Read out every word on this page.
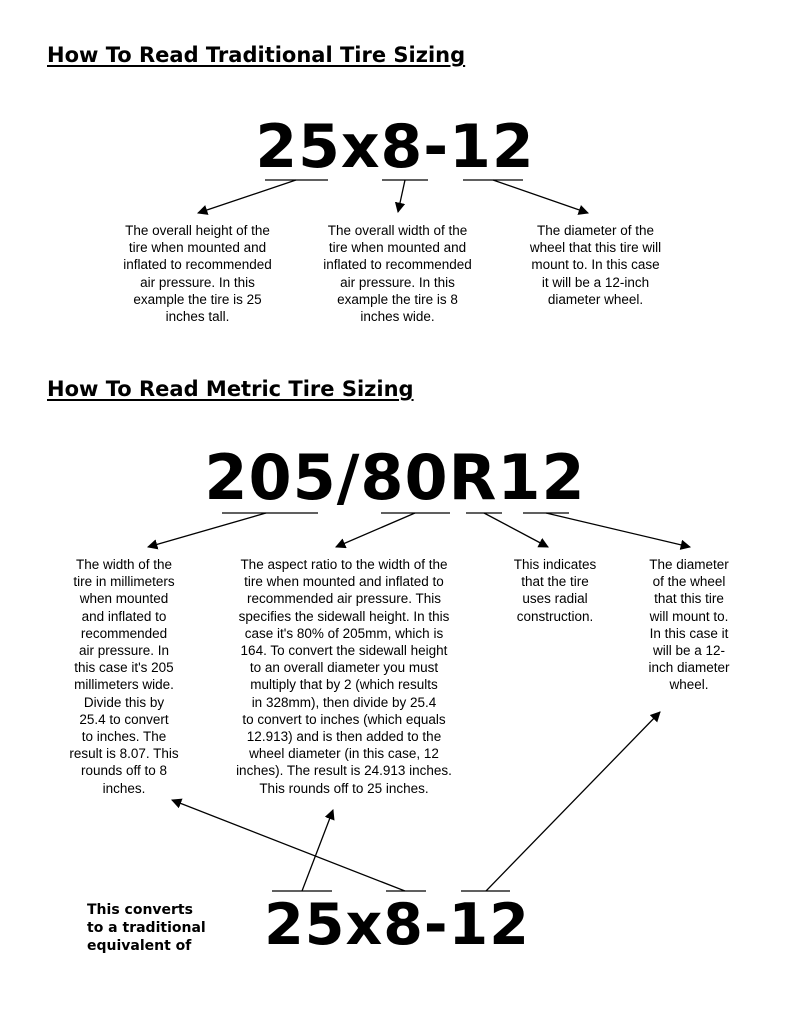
How To Read Traditional Tire Sizing
25x8-12

The overall height of the
tire when mounted and
inflated to recommended
air pressure. In this
example the tire is 25
inches tall.

The overall width of the
tire when mounted and
inflated to recommended
air pressure. In this
example the tire is 8
inches wide.

The diameter of the
wheel that this tire will
mount to. In this case
it will be a 12-inch
diameter wheel.

How To Read Metric Tire Sizing
205/80R12

The width of the
tire in millimeters
when mounted
and inflated to
recommended
air pressure. In
this case it's 205
millimeters wide.
Divide this by
25.4 to convert
to inches. The
result is 8.07. This
rounds off to 8
inches.

The aspect ratio to the width of the
tire when mounted and inflated to
recommended air pressure. This
specifies the sidewall height. In this
case it's 80% of 205mm, which is
164. To convert the sidewall height
to an overall diameter you must
multiply that by 2 (which results
in 328mm), then divide by 25.4
to convert to inches (which equals
12.913) and is then added to the
wheel diameter (in this case, 12
inches). The result is 24.913 inches.
This rounds off to 25 inches.

This indicates
that the tire
uses radial
construction.

The diameter
of the wheel
that this tire
will mount to.
In this case it
will be a 12-
inch diameter
wheel.

This converts
to a traditional
equivalent of	25x8-12
